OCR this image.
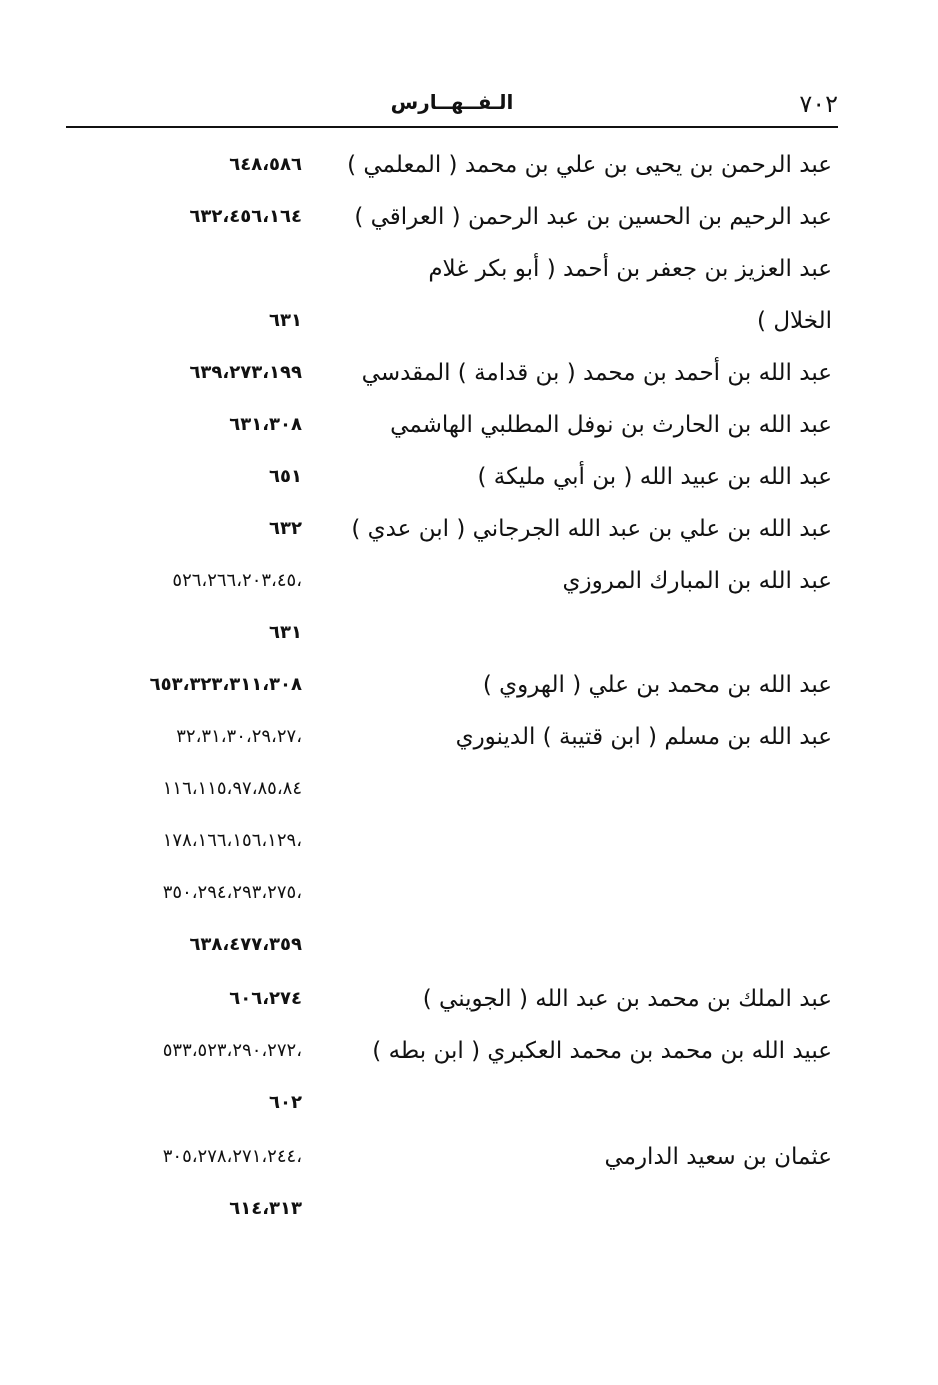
٧٠٢
الـفــهــارس
عبد الرحمن بن يحيى بن علي بن محمد ( المعلمي )
٦٤٨،٥٨٦
عبد الرحيم بن الحسين بن عبد الرحمن ( العراقي )
٦٣٢،٤٥٦،١٦٤
عبد العزيز بن جعفر بن أحمد ( أبو بكر غلام
الخلال )
٦٣١
عبد الله بن أحمد بن محمد ( بن قدامة ) المقدسي
٦٣٩،٢٧٣،١٩٩
عبد الله بن الحارث بن نوفل المطلبي الهاشمي
٦٣١،٣٠٨
عبد الله بن عبيد الله ( بن أبي مليكة )
٦٥١
عبد الله بن علي بن عبد الله الجرجاني ( ابن عدي )
٦٣٢
عبد الله بن المبارك المروزي
٥٢٦،٢٦٦،٢٠٣،٤٥،
٦٣١
عبد الله بن محمد بن علي ( الهروي )
٦٥٣،٣٢٣،٣١١،٣٠٨
عبد الله بن مسلم ( ابن قتيبة ) الدينوري
٣٢،٣١،٣٠،٢٩،٢٧،
١١٦،١١٥،٩٧،٨٥،٨٤
١٧٨،١٦٦،١٥٦،١٢٩،
٣٥٠،٢٩٤،٢٩٣،٢٧٥،
٦٣٨،٤٧٧،٣٥٩
عبد الملك بن محمد بن عبد الله ( الجويني )
٦٠٦،٢٧٤
عبيد الله بن محمد بن محمد العكبري ( ابن بطه )
٥٣٣،٥٢٣،٢٩٠،٢٧٢،
٦٠٢
عثمان بن سعيد الدارمي
٣٠٥،٢٧٨،٢٧١،٢٤٤،
٦١٤،٣١٣
